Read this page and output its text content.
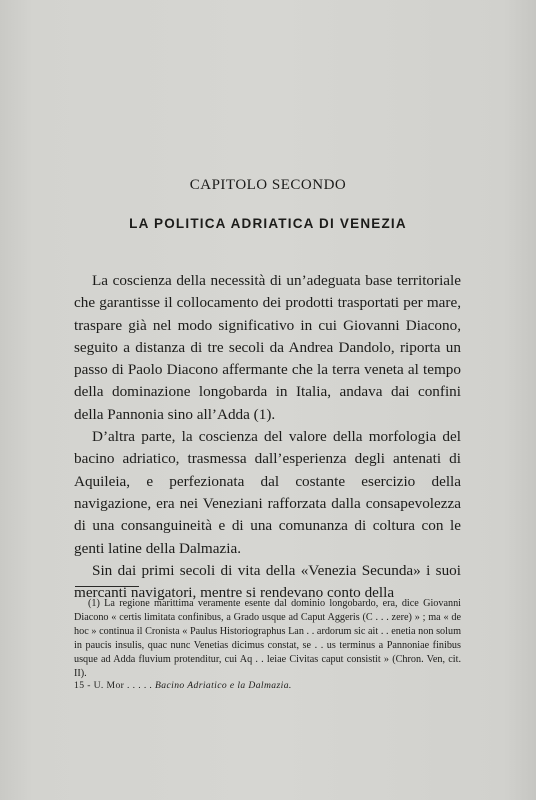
CAPITOLO SECONDO
LA POLITICA ADRIATICA DI VENEZIA

La coscienza della necessità di un’adeguata base territoriale che garantisse il collocamento dei prodotti trasportati per mare, traspare già nel modo significativo in cui Giovanni Diacono, seguito a distanza di tre secoli da Andrea Dandolo, riporta un passo di Paolo Diacono affermante che la terra veneta al tempo della dominazione longobarda in Italia, andava dai confini della Pannonia sino all’Adda (1).

D’altra parte, la coscienza del valore della morfologia del bacino adriatico, trasmessa dall’esperienza degli antenati di Aquileia, e perfezionata dal costante esercizio della navigazione, era nei Veneziani rafforzata dalla consapevolezza di una consanguineità e di una comunanza di coltura con le genti latine della Dalmazia.

Sin dai primi secoli di vita della «Venezia Secunda» i suoi mercanti navigatori, mentre si rendevano conto della

(1) La regione marittima veramente esente dal dominio longobardo, era, dice Giovanni Diacono « certis limitata confinibus, a Grado usque ad Caput Aggeris (C . . . zere) » ; ma « de hoc » continua il Cronista « Paulus Historiographus Lan . . ardorum sic ait . . enetia non solum in paucis insulis, quac nunc Venetias dicimus constat, se . . us terminus a Pannoniae finibus usque ad Adda fluvium protenditur, cui Aq . . leiae Civitas caput consistit » (Chron. Ven, cit. II).
15 - U. Mor . . . . . Bacino Adriatico e la Dalmazia.
